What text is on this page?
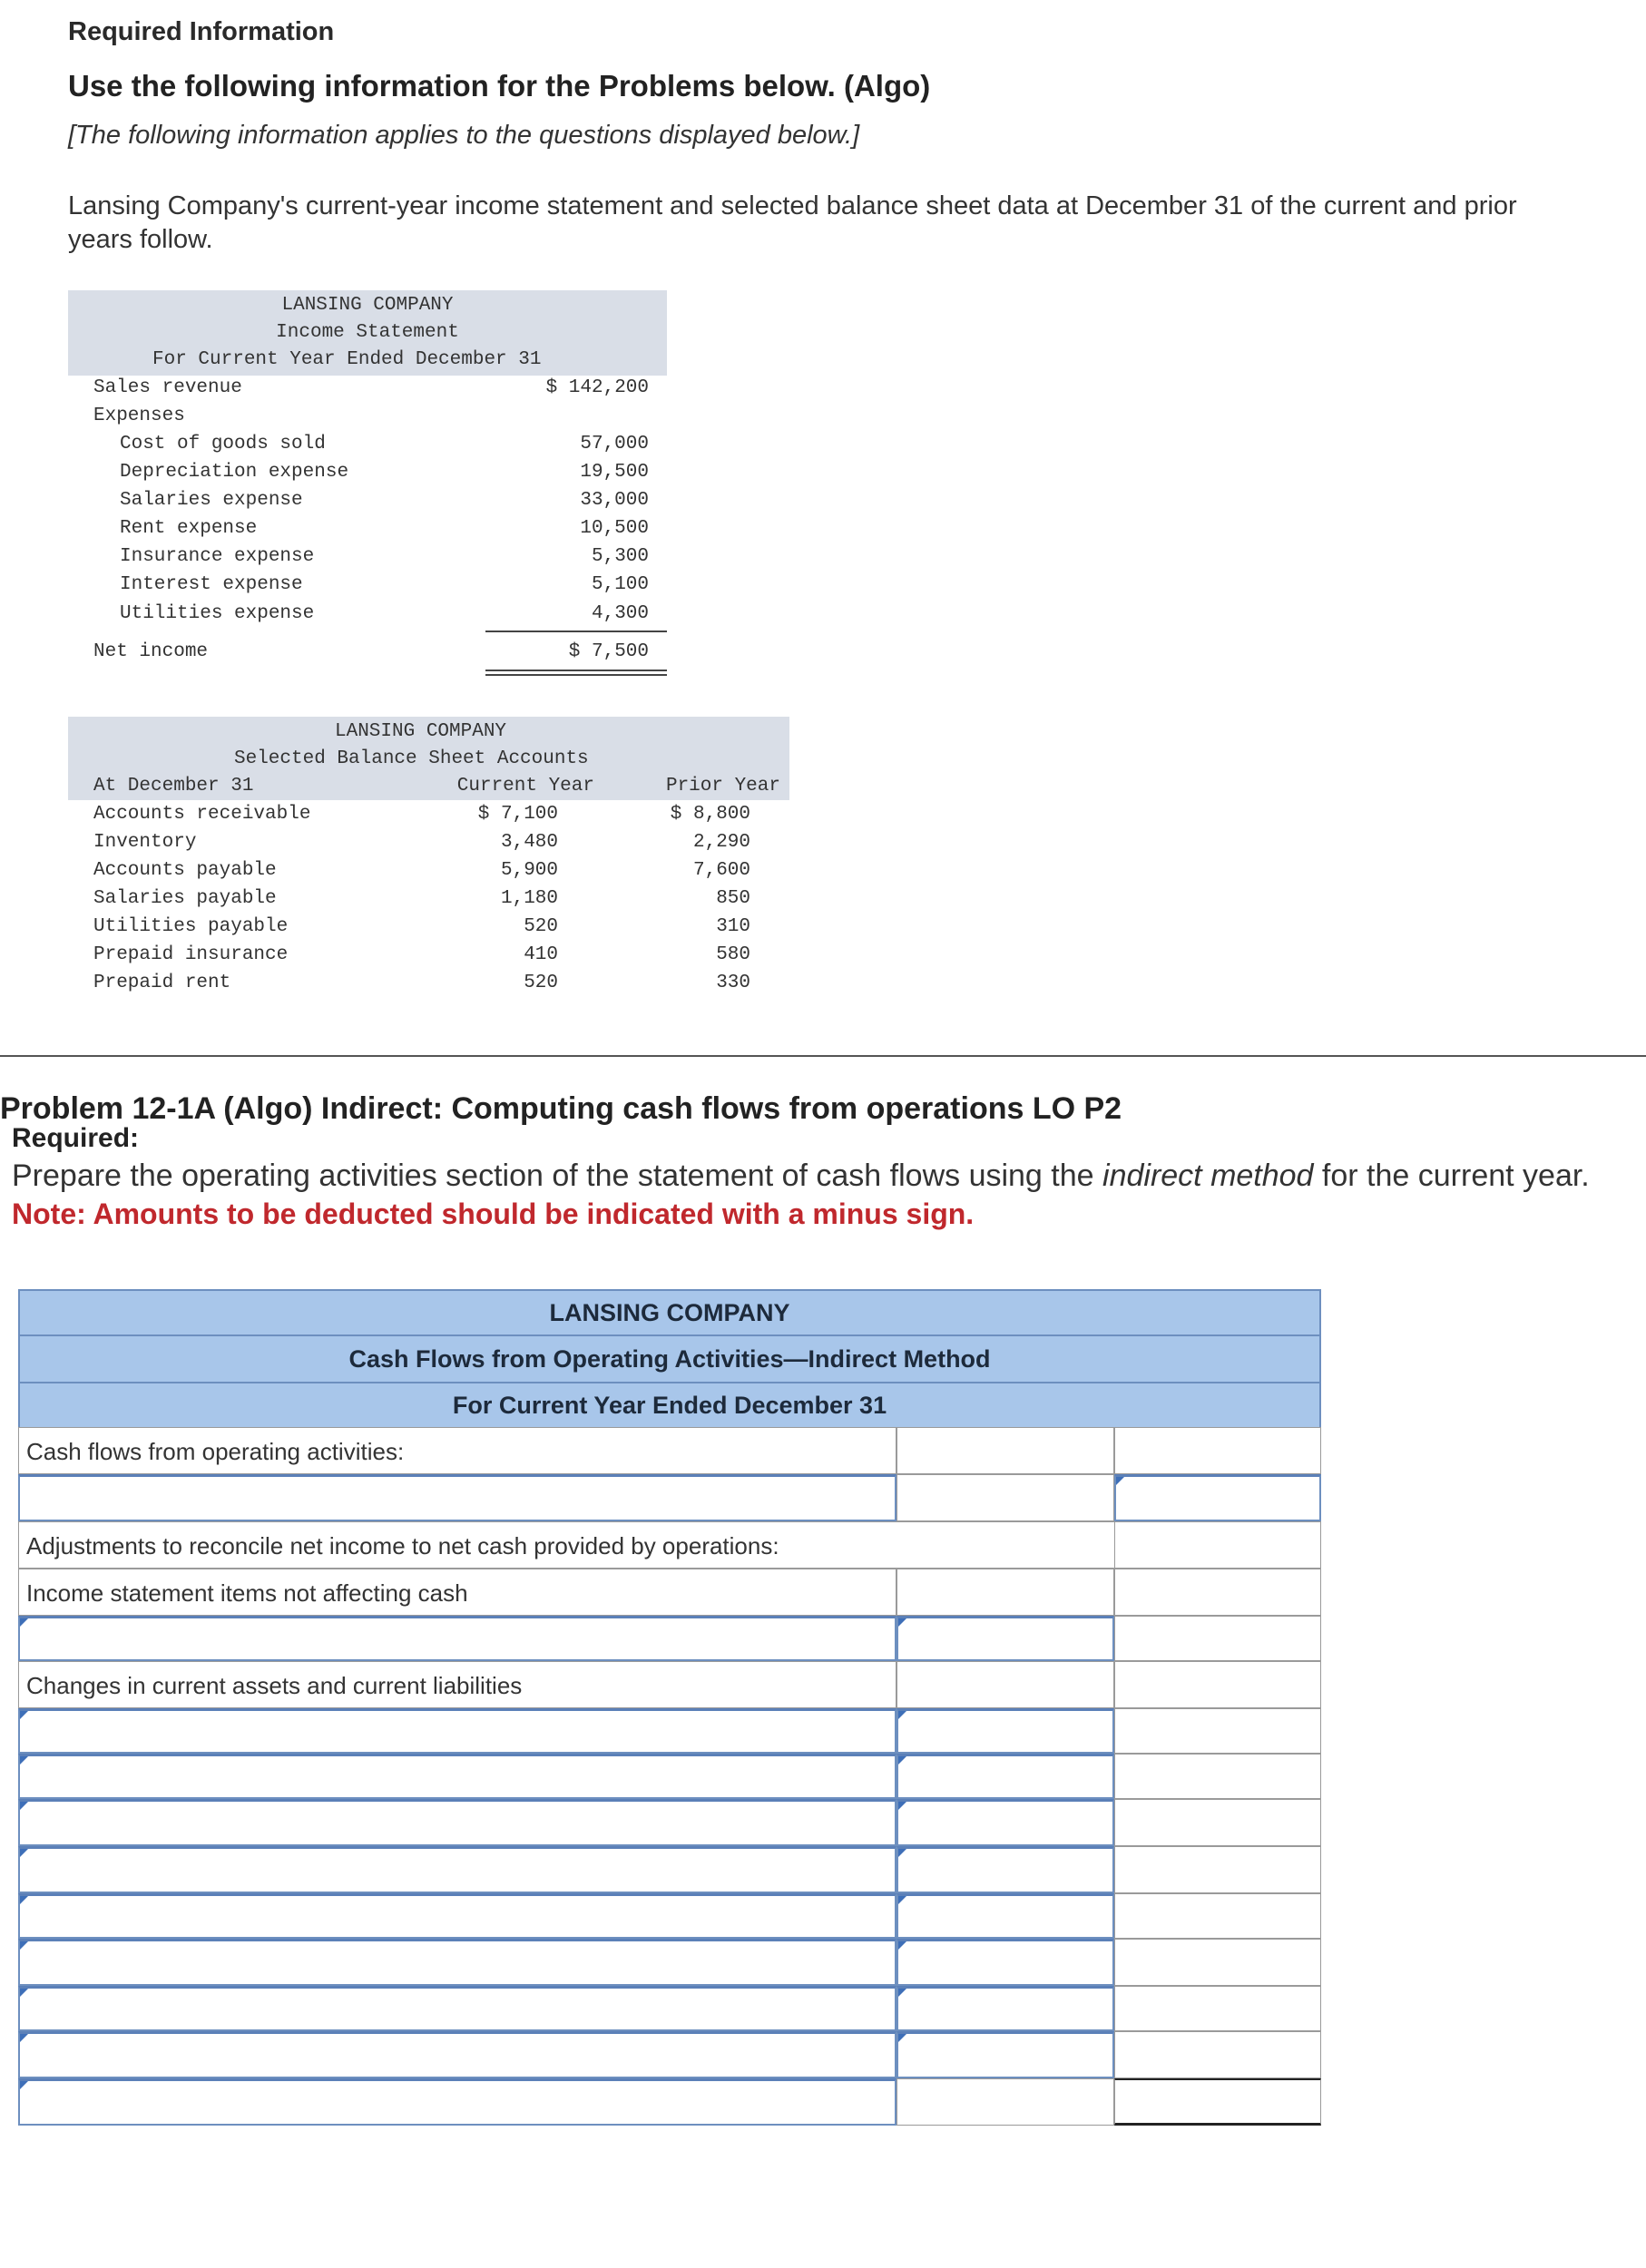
Required Information
Use the following information for the Problems below. (Algo)
[The following information applies to the questions displayed below.]
Lansing Company's current-year income statement and selected balance sheet data at December 31 of the current and prior years follow.
LANSING COMPANY
Income Statement
For Current Year Ended December 31
Sales revenue	$ 142,200
Expenses
Cost of goods sold	57,000
Depreciation expense	19,500
Salaries expense	33,000
Rent expense	10,500
Insurance expense	5,300
Interest expense	5,100
Utilities expense	4,300
Net income	$ 7,500
LANSING COMPANY
Selected Balance Sheet Accounts
At December 31	Current Year	Prior Year
Accounts receivable	$ 7,100	$ 8,800
Inventory	3,480	2,290
Accounts payable	5,900	7,600
Salaries payable	1,180	850
Utilities payable	520	310
Prepaid insurance	410	580
Prepaid rent	520	330
Problem 12-1A (Algo) Indirect: Computing cash flows from operations LO P2
Required:
Prepare the operating activities section of the statement of cash flows using the indirect method for the current year.
Note: Amounts to be deducted should be indicated with a minus sign.
LANSING COMPANY
Cash Flows from Operating Activities—Indirect Method
For Current Year Ended December 31
Cash flows from operating activities:
Adjustments to reconcile net income to net cash provided by operations:
Income statement items not affecting cash
Changes in current assets and current liabilities
